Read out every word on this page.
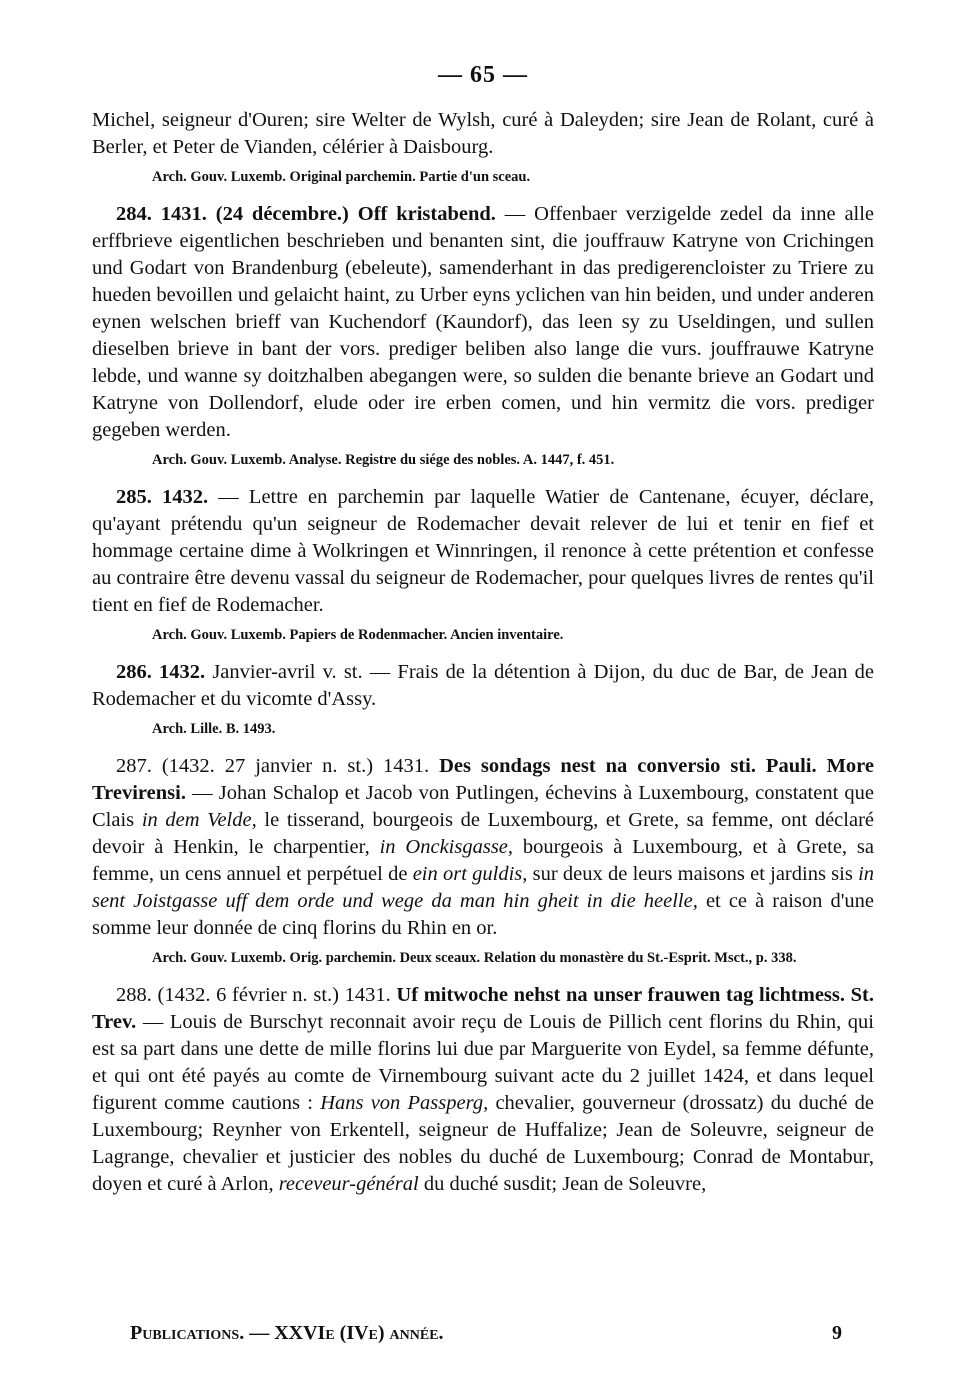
— 65 —

Michel, seigneur d'Ouren; sire Welter de Wylsh, curé à Daleyden; sire Jean de Rolant, curé à Berler, et Peter de Vianden, célérier à Daisbourg.

Arch. Gouv. Luxemb. Original parchemin. Partie d'un sceau.

284. 1431. (24 décembre.) Off kristabend. — Offenbaer verzigelde zedel da inne alle erffbrieve eigentlichen beschrieben und benanten sint, die jouffrauw Katryne von Crichingen und Godart von Brandenburg (ebeleute), samenderhant in das predigerencloister zu Triere zu hueden bevoillen und gelaicht haint, zu Urber eyns yclichen van hin beiden, und under anderen eynen welschen brieff van Kuchendorf (Kaundorf), das leen sy zu Useldingen, und sullen dieselben brieve in bant der vors. prediger beliben also lange die vurs. jouffrauwe Katryne lebde, und wanne sy doitzhalben abegangen were, so sulden die benante brieve an Godart und Katryne von Dollendorf, elude oder ire erben comen, und hin vermitz die vors. prediger gegeben werden.

Arch. Gouv. Luxemb. Analyse. Registre du siége des nobles. A. 1447, f. 451.

285. 1432. — Lettre en parchemin par laquelle Watier de Cantenane, écuyer, déclare, qu'ayant prétendu qu'un seigneur de Rodemacher devait relever de lui et tenir en fief et hommage certaine dime à Wolkringen et Winnringen, il renonce à cette prétention et confesse au contraire être devenu vassal du seigneur de Rodemacher, pour quelques livres de rentes qu'il tient en fief de Rodemacher.

Arch. Gouv. Luxemb. Papiers de Rodenmacher. Ancien inventaire.

286. 1432. Janvier-avril v. st. — Frais de la détention à Dijon, du duc de Bar, de Jean de Rodemacher et du vicomte d'Assy.

Arch. Lille. B. 1493.

287. (1432. 27 janvier n. st.) 1431. Des sondags nest na conversio sti. Pauli. More Trevirensi. — Johan Schalop et Jacob von Putlingen, échevins à Luxembourg, constatent que Clais in dem Velde, le tisserand, bourgeois de Luxembourg, et Grete, sa femme, ont déclaré devoir à Henkin, le charpentier, in Onckisgasse, bourgeois à Luxembourg, et à Grete, sa femme, un cens annuel et perpétuel de ein ort guldis, sur deux de leurs maisons et jardins sis in sent Joistgasse uff dem orde und wege da man hin gheit in die heelle, et ce à raison d'une somme leur donnée de cinq florins du Rhin en or.

Arch. Gouv. Luxemb. Orig. parchemin. Deux sceaux. Relation du monastère du St.-Esprit. Msct., p. 338.

288. (1432. 6 février n. st.) 1431. Uf mitwoche nehst na unser frauwen tag lichtmess. St. Trev. — Louis de Burschyt reconnait avoir reçu de Louis de Pillich cent florins du Rhin, qui est sa part dans une dette de mille florins lui due par Marguerite von Eydel, sa femme défunte, et qui ont été payés au comte de Virnembourg suivant acte du 2 juillet 1424, et dans lequel figurent comme cautions : Hans von Passperg, chevalier, gouverneur (drossatz) du duché de Luxembourg; Reynher von Erkentell, seigneur de Huffalize; Jean de Soleuvre, seigneur de Lagrange, chevalier et justicier des nobles du duché de Luxembourg; Conrad de Montabur, doyen et curé à Arlon, receveur-général du duché susdit; Jean de Soleuvre,

Publications. — XXVIe (IVe) année.	9
